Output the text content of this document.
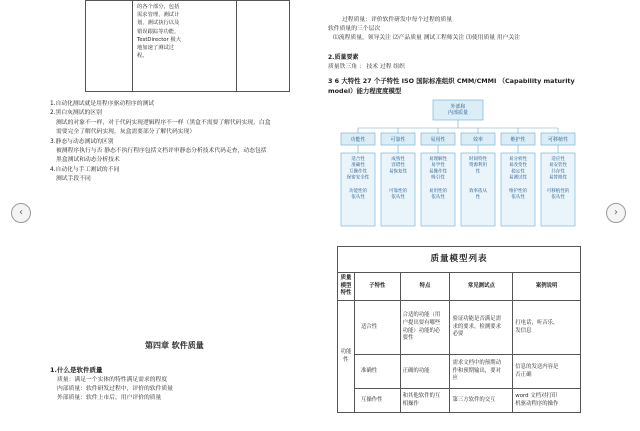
‹	›

的各个部分，包括
需求管理，测试计
划，测试执行以及
错误跟踪等功能，
TestDirector 极大
地加速了测试过
程。

1.自动化测试就是用程序驱动程序的测试
2.黑白灰测试的区别
测试的对象不一样，对于代码实现逻辑程序不一样（黑盒不需要了解代码实现，白盒
需要完全了解代码实现，灰盒需要部分了解代码实现）
3.静态与动态测试的区别
被测程序执行与否 静态不执行程序包括文档评审静态分析技术代码走查，动态包括
黑盒测试和动态分析技术
4.自动化与手工测试的不同
测试手段不同
第四章 软件质量
1.什么是软件质量
质量：满足一个实体的特性满足需求的程度
内部质量：软件研发过程中，评价的软件质量
外部质量：软件上市后，用户评价的质量
过程质量：评价软件研发中每个过程的质量
软件质量的三个层次
⑴流程质量，领导关注 ⑵产品质量 测试工程师关注 ⑶使用质量 用户关注
2.质量要素
质量铁三角 ： 技术 过程 组织
3 6 大特性 27 个子特性 ISO 国际标准组织 CMM/CMMI （Capability maturity model）能力程度度模型
外部和
内部质量
功能性
适合性
准确性
互操作性
保密安全性
功能性的
依从性
可靠性
成熟性
容错性
易恢复性
可靠性的
依从性
易用性
易理解性
易学性
易操作性
吸引性
易用性的
依从性
效率
时间特性
资源利用
性
效率依从
性
维护性
易分析性
易改变性
稳定性
易测试性
维护性的
依从性
可移植性
适应性
易安装性
共存性
易替换性
可移植性的
依从性
质量模型列表				

质量
模型
特性	子特性	特点	常见测试点	案例说明

功能性	适合性	合适的功能（用
户提出要有哪些
功能）功能的必
要性	验证功能是否满足需
求的要求，检测要求
必要	打电话，听音乐，
发信息

	准确性	正确的功能	需求文档中的预期动
作和预期输出，要对
应	信息的发送内容是
否正确

	互操作性	和其他软件的互
相操作	第三方软件的交互	word 文档对打印
机驱动程序的操作
